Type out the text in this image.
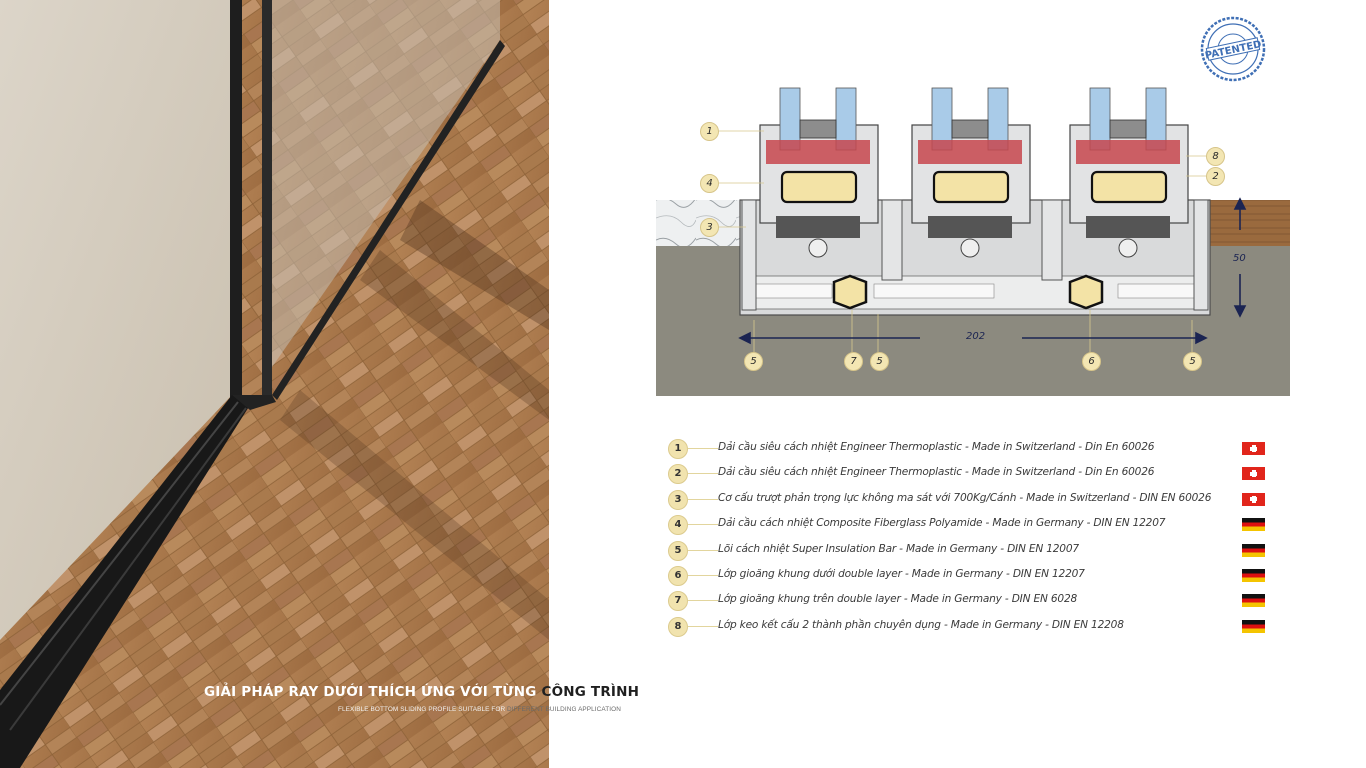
GIẢI PHÁP RAY DƯỚI THÍCH ỨNG VỚI TỪNG CÔNG TRÌNH
FLEXIBLE BOTTOM SLIDING PROFILE SUITABLE FOR DIFFERENT BUILDING APPLICATION
PATENTED
1
4
3
8
2
5	7	5	6	5
202
50
1	Dải cầu siêu cách nhiệt Engineer Thermoplastic - Made in Switzerland - Din En 60026
2	Dải cầu siêu cách nhiệt Engineer Thermoplastic - Made in Switzerland - Din En 60026
3	Cơ cấu trượt phản trọng lực không ma sát với 700Kg/Cánh - Made in Switzerland - DIN EN 60026
4	Dải cầu cách nhiệt Composite Fiberglass Polyamide - Made in Germany - DIN EN 12207
5	Lõi cách nhiệt Super Insulation Bar - Made in Germany - DIN EN 12007
6	Lớp gioăng khung dưới double layer - Made in Germany - DIN EN 12207
7	Lớp gioăng khung trên double layer - Made in Germany - DIN EN 6028
8	Lớp keo kết cấu 2 thành phần chuyên dụng - Made in Germany - DIN EN 12208
